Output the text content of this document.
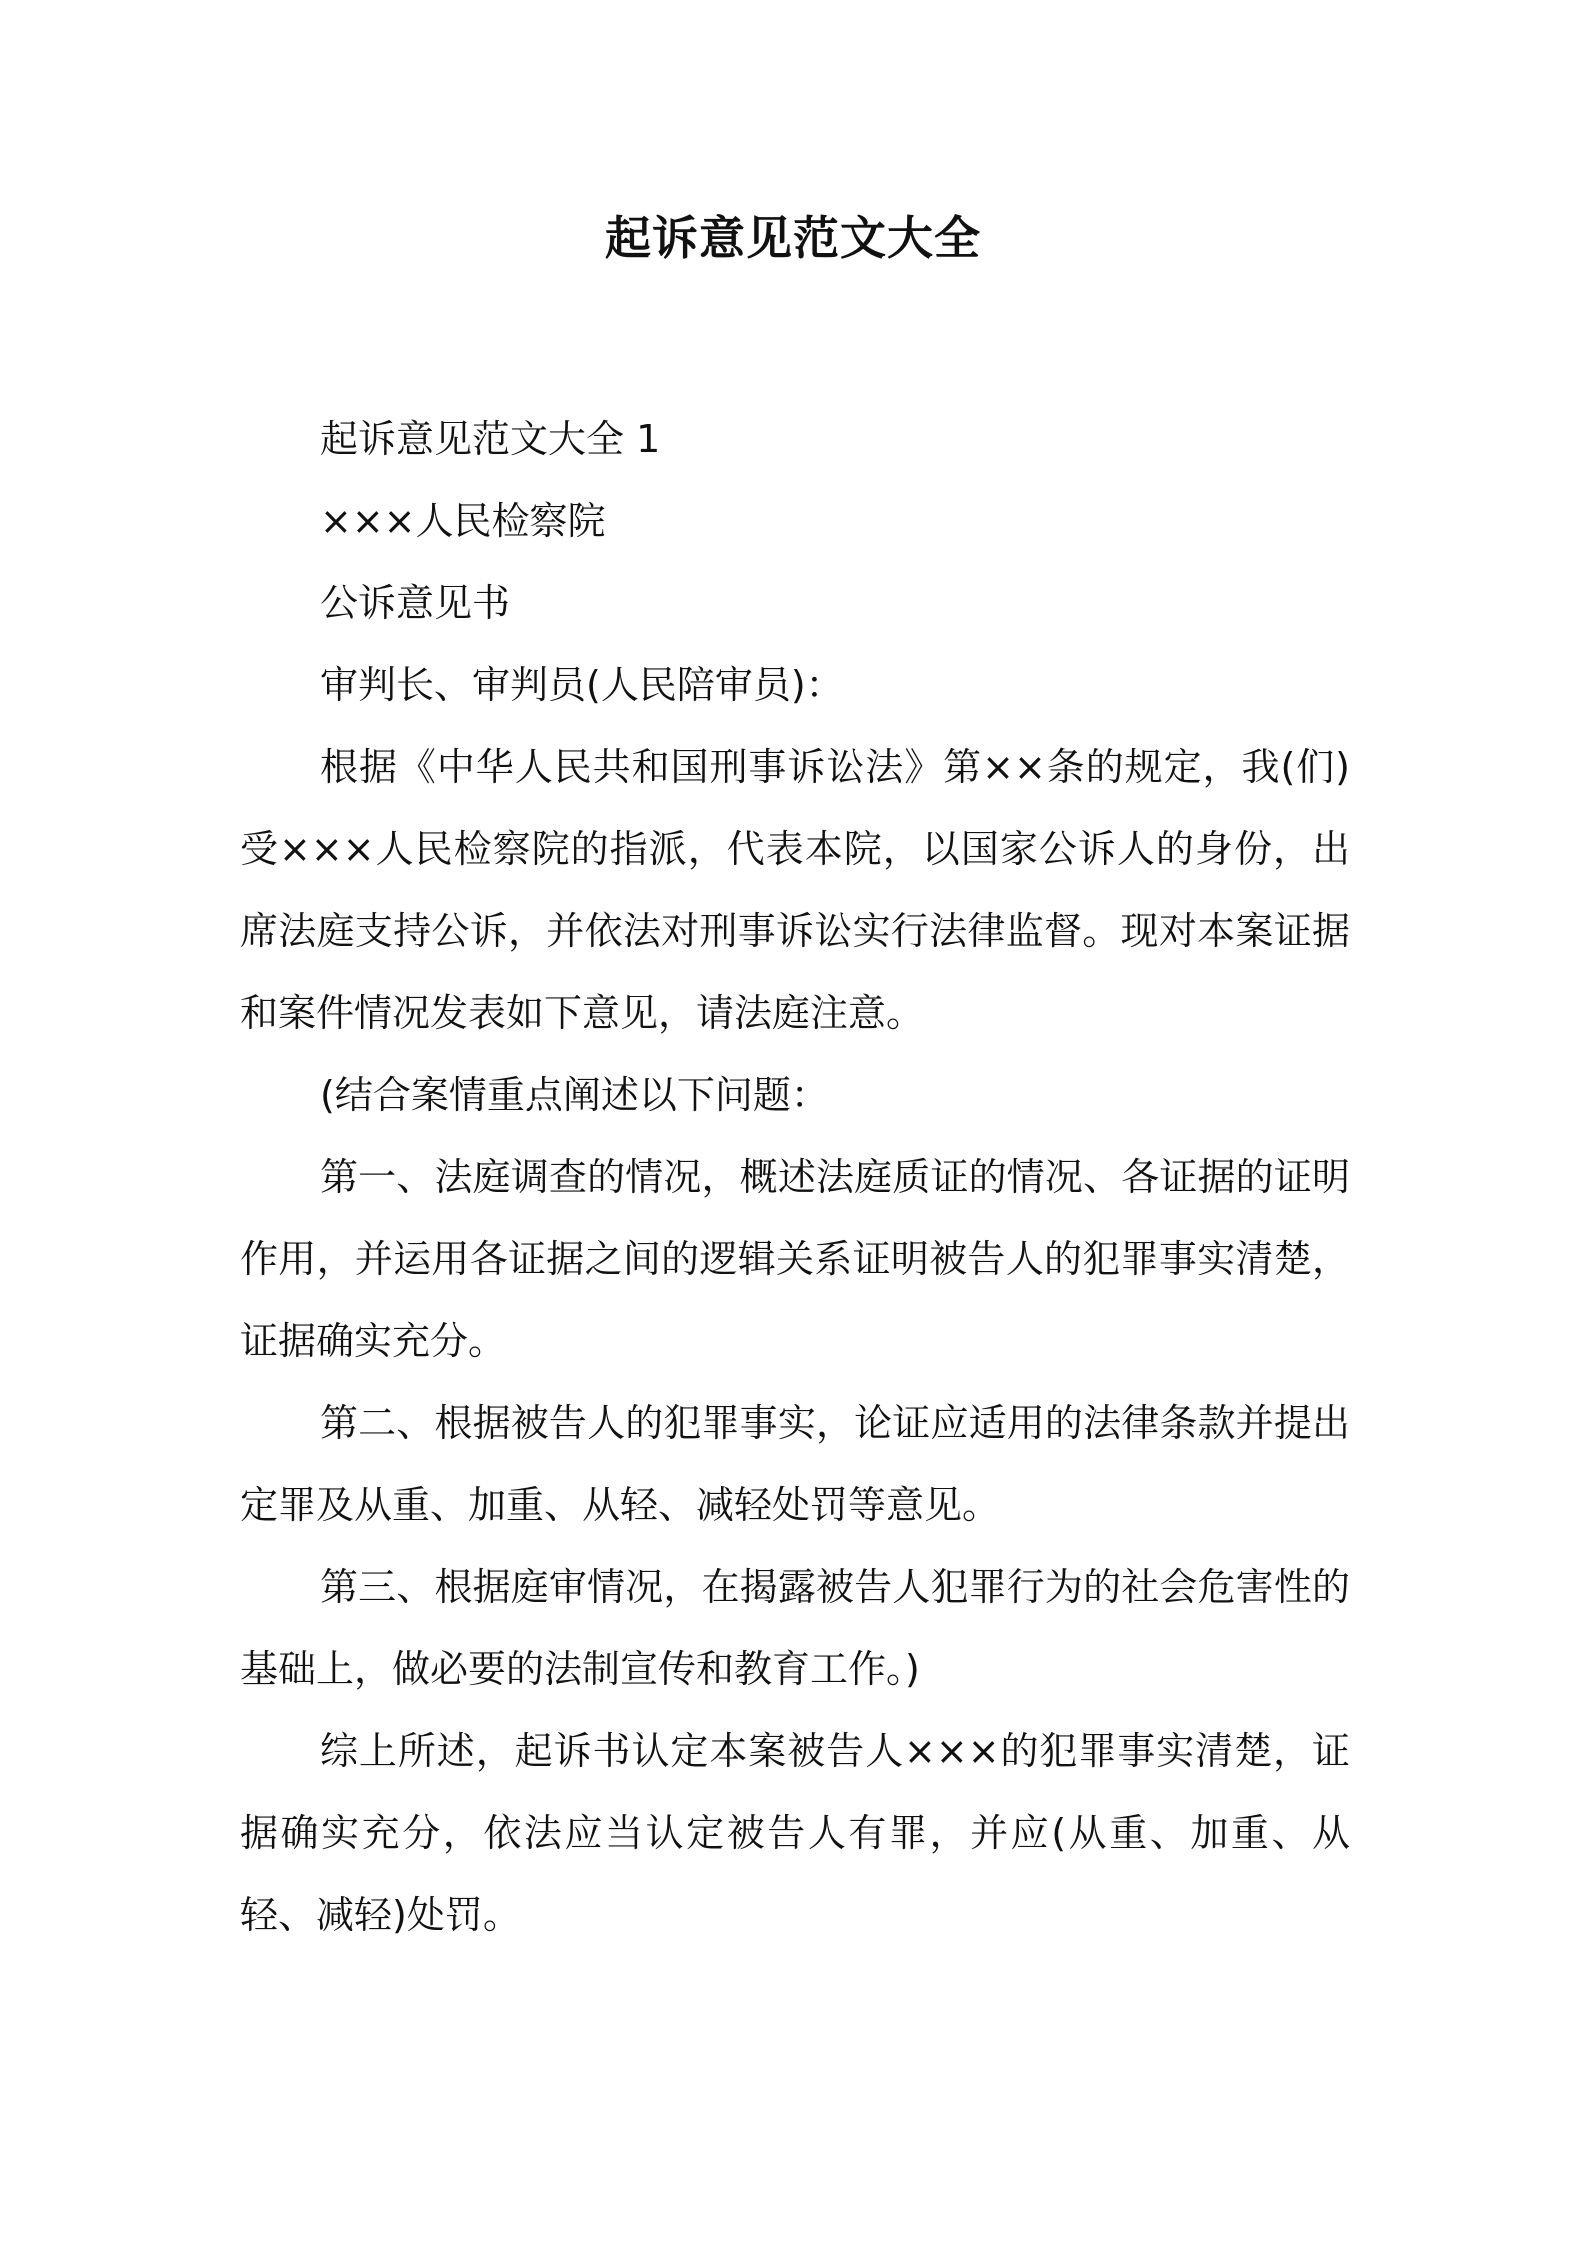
起诉意见范文大全

起诉意见范文大全 1

×××人民检察院

公诉意见书

审判长、审判员(人民陪审员)：

根据《中华人民共和国刑事诉讼法》第××条的规定，我(们)受×××人民检察院的指派，代表本院，以国家公诉人的身份，出席法庭支持公诉，并依法对刑事诉讼实行法律监督。现对本案证据和案件情况发表如下意见，请法庭注意。

(结合案情重点阐述以下问题：

第一、法庭调查的情况，概述法庭质证的情况、各证据的证明作用，并运用各证据之间的逻辑关系证明被告人的犯罪事实清楚，证据确实充分。

第二、根据被告人的犯罪事实，论证应适用的法律条款并提出定罪及从重、加重、从轻、减轻处罚等意见。

第三、根据庭审情况，在揭露被告人犯罪行为的社会危害性的基础上，做必要的法制宣传和教育工作。)

综上所述，起诉书认定本案被告人×××的犯罪事实清楚，证据确实充分，依法应当认定被告人有罪，并应(从重、加重、从轻、减轻)处罚。
